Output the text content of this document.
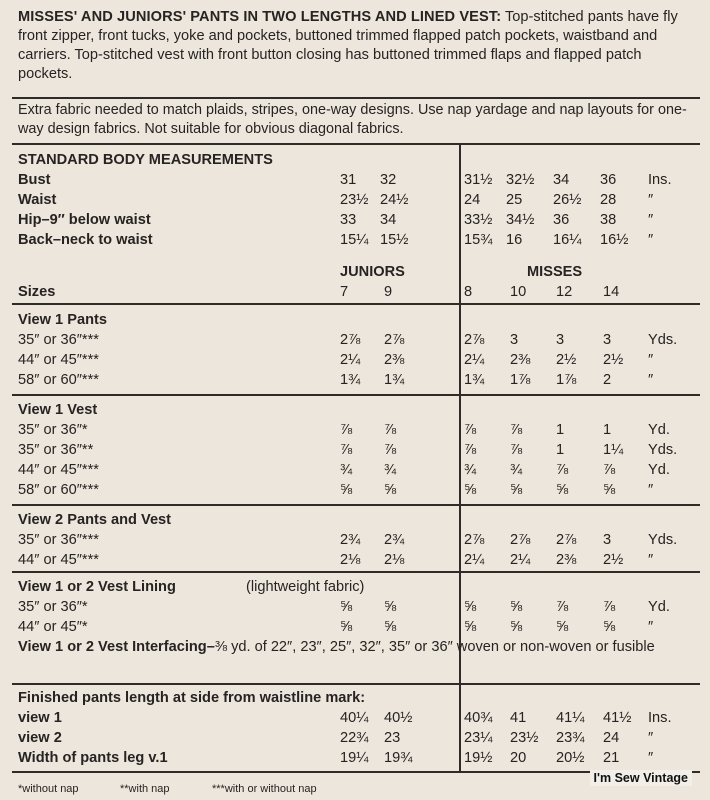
MISSES' AND JUNIORS' PANTS IN TWO LENGTHS AND LINED VEST: Top-stitched pants have fly front zipper, front tucks, yoke and pockets, buttoned trimmed flapped patch pockets, waistband and carriers. Top-stitched vest with front button closing has buttoned trimmed flaps and flapped patch pockets.
Extra fabric needed to match plaids, stripes, one-way designs. Use nap yardage and nap layouts for one-way design fabrics. Not suitable for obvious diagonal fabrics.
STANDARD BODY MEASUREMENTS
Bust	31 32	31½ 32½ 34 36 Ins.
Waist	23½ 24½	24 25 26½ 28 ″
Hip–9″ below waist	33 34	33½ 34½ 36 38 ″
Back–neck to waist	15¼ 15½	15¾ 16 16¼ 16½ ″
JUNIORS	MISSES
Sizes	7 9	8	10 12 14
View 1 Pants
35″ or 36″***	2⅞ 2⅞	2⅞ 3	3	3	Yds.
44″ or 45″***	2¼ 2⅜	2¼ 2⅜ 2½ 2½ ″
58″ or 60″***	1¾ 1¾	1¾ 1⅞ 1⅞ 2	″
View 1 Vest
35″ or 36″*	⅞ ⅞	⅞ ⅞ 1	1	Yd.
35″ or 36″**	⅞ ⅞	⅞ ⅞ 1	1¼ Yds.
44″ or 45″***	¾ ¾	¾ ¾ ⅞ ⅞ Yd.
58″ or 60″***	⅝ ⅝	⅝ ⅝ ⅝ ⅝ ″
View 2 Pants and Vest
35″ or 36″***	2¾ 2¾	2⅞ 2⅞ 2⅞ 3	Yds.
44″ or 45″***	2⅛ 2⅛	2¼ 2¼ 2⅜ 2½ ″
View 1 or 2 Vest Lining	(lightweight fabric)
35″ or 36″*	⅝ ⅝	⅝ ⅝ ⅞ ⅞ Yd.
44″ or 45″*	⅝ ⅝	⅝ ⅝ ⅝ ⅝ ″
View 1 or 2 Vest Interfacing–⅜ yd. of 22″, 23″, 25″, 32″, 35″ or 36″ woven or non-woven or fusible
Finished pants length at side from waistline mark:
view 1	40¼ 40½	40¾ 41 41¼ 41½ Ins.
view 2	22¾ 23	23¼ 23½ 23¾ 24 ″
Width of pants leg v.1	19¼ 19¾	19½ 20 20½ 21 ″
*without nap	**with nap	***with or without nap
I'm Sew Vintage
